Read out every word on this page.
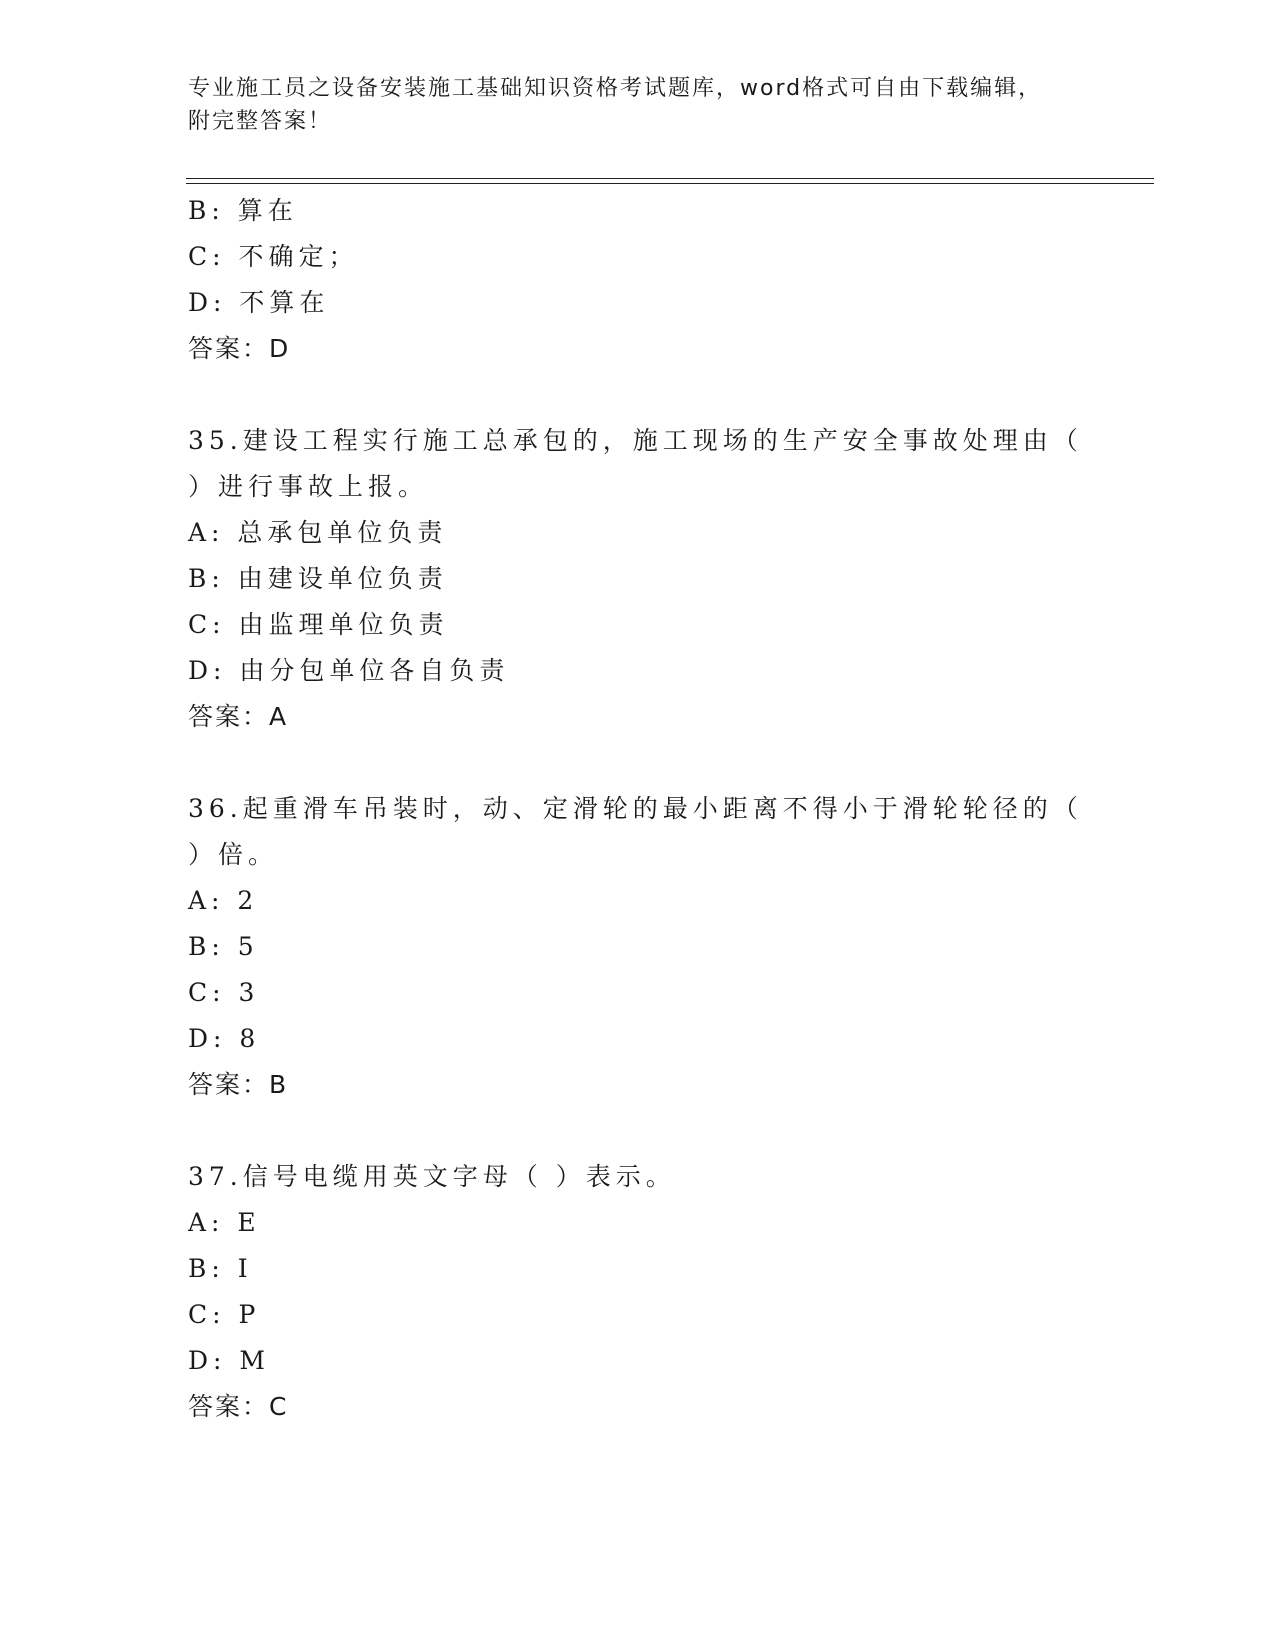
专业施工员之设备安装施工基础知识资格考试题库，word格式可自由下载编辑，
附完整答案！
B: 算在
C: 不确定；
D: 不算在
答案：D
35.建设工程实行施工总承包的，施工现场的生产安全事故处理由（
）进行事故上报。
A: 总承包单位负责
B: 由建设单位负责
C: 由监理单位负责
D: 由分包单位各自负责
答案：A
36.起重滑车吊装时，动、定滑轮的最小距离不得小于滑轮轮径的（
）倍。
A: 2
B: 5
C: 3
D: 8
答案：B
37.信号电缆用英文字母（ ）表示。
A: E
B: I
C: P
D: M
答案：C
